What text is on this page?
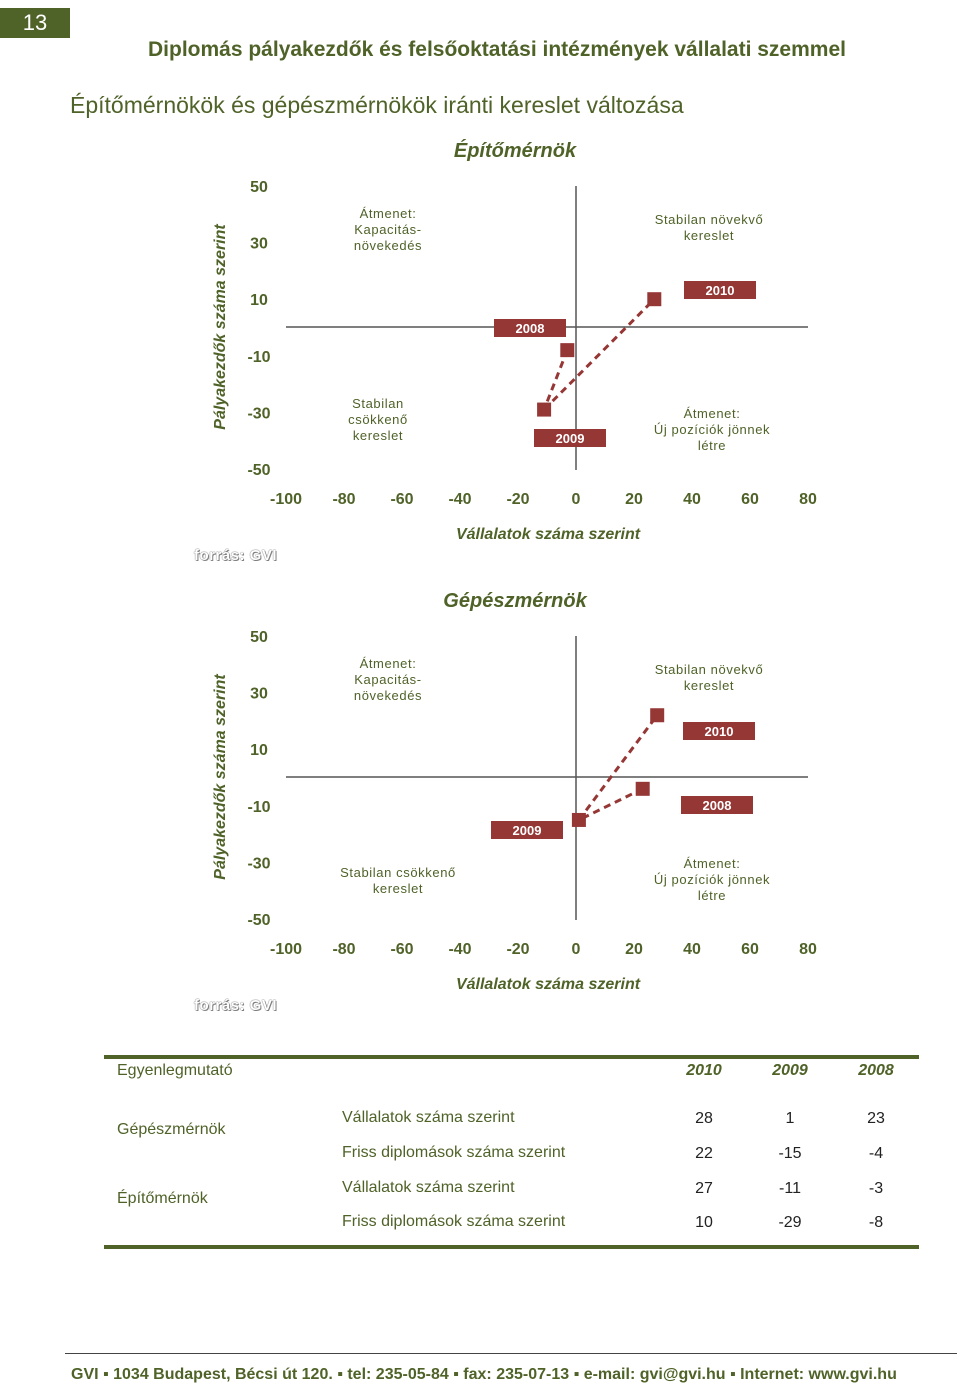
13
Diplomás pályakezdők és felsőoktatási intézmények vállalati szemmel
Építőmérnökök és gépészmérnökök iránti kereslet változása
Építőmérnök
50
30
10
-10
-30
-50
-100 -80 -60 -40 -20	0	20	40	60	80
Vállalatok száma szerint
Pályakezdők száma szerint
Átmenet: Kapacitás-növekedés
Stabilan növekvő kereslet
Stabilan csökkenő kereslet
Átmenet: Új pozíciók jönnek létre
2008
2009
2010
forrás: GVI
Gépészmérnök
50
30
10
-10
-30
-50
-100 -80 -60 -40 -20	0	20	40	60	80
Vállalatok száma szerint
Pályakezdők száma szerint
Átmenet: Kapacitás-növekedés
Stabilan növekvő kereslet
Stabilan csökkenő kereslet
Átmenet: Új pozíciók jönnek létre
2008
2009
2010
forrás: GVI
Egyenlegmutató	2010	2009	2008
Gépészmérnök
Vállalatok száma szerint	28	1	23
Friss diplomások száma szerint	22	-15	-4
Építőmérnök
Vállalatok száma szerint	27	-11	-3
Friss diplomások száma szerint	10	-29	-8
GVI ▪ 1034 Budapest, Bécsi út 120. ▪ tel: 235-05-84 ▪ fax: 235-07-13 ▪ e-mail: gvi@gvi.hu ▪ Internet: www.gvi.hu
